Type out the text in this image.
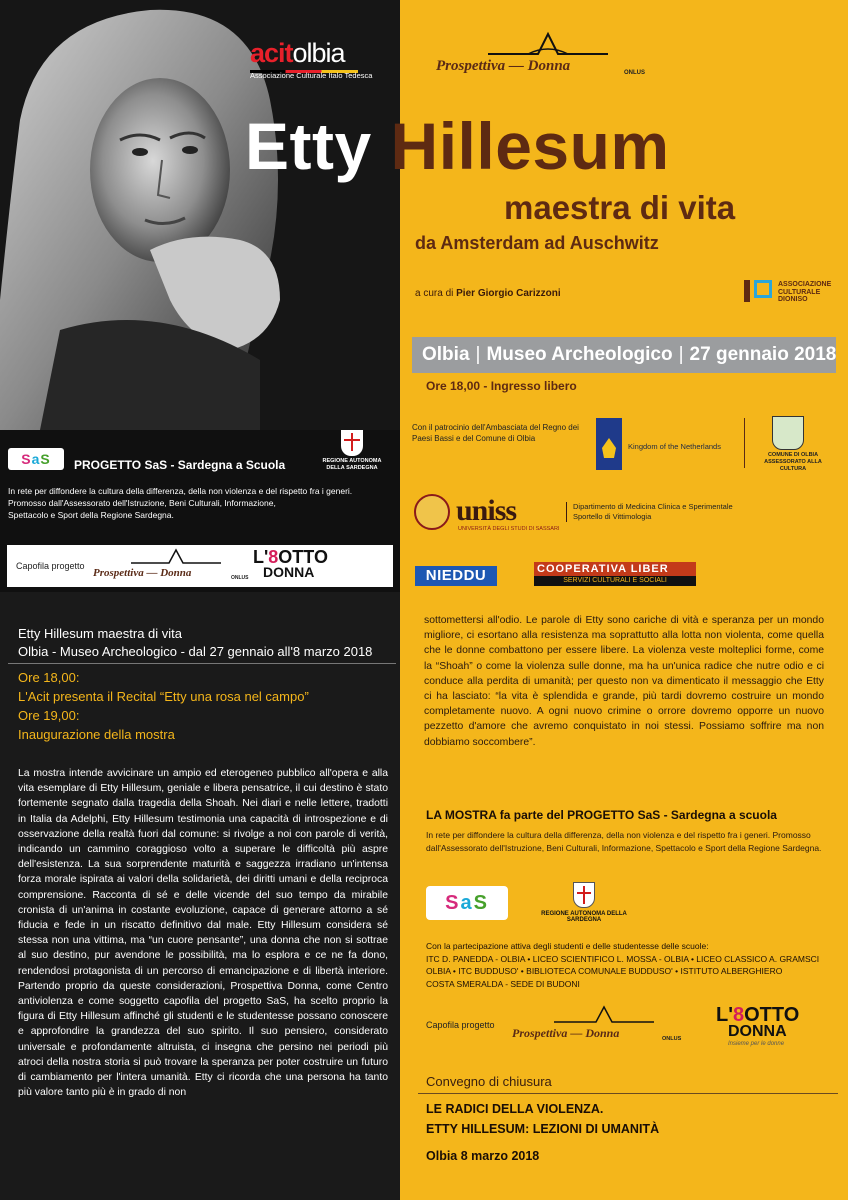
acitolbia
Associazione Culturale Italo Tedesca
Prospettiva — Donna	ONLUS
Etty Hillesum
maestra di vita
da Amsterdam ad Auschwitz
a cura di Pier Giorgio Carizzoni
ASSOCIAZIONE
CULTURALE
DIONISO
Olbia | Museo Archeologico | 27 gennaio 2018
Ore 18,00 - Ingresso libero
Con il patrocinio dell'Ambasciata del Regno dei Paesi Bassi e del Comune di Olbia
Kingdom of the Netherlands
COMUNE DI OLBIA
ASSESSORATO ALLA CULTURA
uniss
UNIVERSITÀ DEGLI STUDI DI SASSARI
Dipartimento di Medicina Clinica e Sperimentale
Sportello di Vittimologia
NIEDDU	COOPERATIVA LIBER
SERVIZI CULTURALI E SOCIALI
SaS	PROGETTO SaS - Sardegna a Scuola	REGIONE AUTONOMA
DELLA SARDEGNA
In rete per diffondere la cultura della differenza, della non violenza e del rispetto fra i generi.
Promosso dall'Assessorato dell'Istruzione, Beni Culturali, Informazione,
Spettacolo e Sport della Regione Sardegna.
Capofila progetto
Prospettiva — Donna	ONLUS
L'8OTTO
DONNA
Etty Hillesum maestra di vita
Olbia - Museo Archeologico - dal 27 gennaio all'8 marzo 2018
Ore 18,00:
L'Acit presenta il Recital “Etty una rosa nel campo”
Ore 19,00:
Inaugurazione della mostra
La mostra intende avvicinare un ampio ed eterogeneo pubblico all'opera e alla vita esemplare di Etty Hillesum, geniale e libera pensatrice, il cui destino è stato fortemente segnato dalla tragedia della Shoah. Nei diari e nelle lettere, tradotti in Italia da Adelphi, Etty Hillesum testimonia una capacità di introspezione e di osservazione della realtà fuori dal comune: si rivolge a noi con parole di verità, indicando un cammino coraggioso volto a superare le difficoltà più aspre dell'esistenza. La sua sorprendente maturità e saggezza irradiano un'intensa forza morale ispirata ai valori della solidarietà, dei diritti umani e della reciproca comprensione. Racconta di sé e delle vicende del suo tempo da mirabile cronista di un'anima in costante evoluzione, capace di generare attorno a sé fiducia e fede in un riscatto definitivo dal male. Etty Hillesum considera sé stessa non una vittima, ma “un cuore pensante”, una donna che non si sottrae al suo destino, pur avendone le possibilità, ma lo esplora e ce ne fa dono, rendendosi protagonista di un percorso di emancipazione e di libertà interiore. Partendo proprio da queste considerazioni, Prospettiva Donna, come Centro antiviolenza e come soggetto capofila del progetto SaS, ha scelto proprio la figura di Etty Hillesum affinché gli studenti e le studentesse possano conoscere e approfondire la grandezza del suo spirito. Il suo pensiero, considerato universale e profondamente altruista, ci insegna che persino nei periodi più atroci della nostra storia si può trovare la speranza per poter costruire un futuro di cambiamento per l'intera umanità. Etty ci ricorda che una persona ha tanto più valore tanto più è in grado di non
sottomettersi all'odio. Le parole di Etty sono cariche di vità e speranza per un mondo migliore, ci esortano alla resistenza ma soprattutto alla lotta non violenta, come quella che le donne combattono per essere libere. La violenza veste molteplici forme, come la “Shoah” o come la violenza sulle donne, ma ha un'unica radice che nutre odio e ci conduce alla perdita di umanità; per questo non va dimenticato il messaggio che Etty ci ha lasciato: “la vita è splendida e grande, più tardi dovremo costruire un mondo completamente nuovo. A ogni nuovo crimine o orrore dovremo opporre un nuovo pezzetto d'amore che avremo conquistato in noi stessi. Possiamo soffrire ma non dobbiamo soccombere”.
LA MOSTRA fa parte del PROGETTO SaS - Sardegna a scuola
In rete per diffondere la cultura della differenza, della non violenza e del rispetto fra i generi. Promosso dall'Assessorato dell'Istruzione, Beni Culturali, Informazione, Spettacolo e Sport della Regione Sardegna.
SaS	REGIONE AUTONOMA DELLA SARDEGNA
Con la partecipazione attiva degli studenti e delle studentesse delle scuole:
ITC D. PANEDDA - OLBIA • LICEO SCIENTIFICO L. MOSSA - OLBIA • LICEO CLASSICO A. GRAMSCI
OLBIA • ITC BUDDUSO' • BIBLIOTECA COMUNALE BUDDUSO' • ISTITUTO ALBERGHIERO
COSTA SMERALDA - SEDE DI BUDONI
Capofila progetto
Prospettiva — Donna	ONLUS
L'8OTTO
DONNA
Insieme per le donne
Convegno di chiusura
LE RADICI DELLA VIOLENZA.
ETTY HILLESUM: LEZIONI DI UMANITÀ
Olbia 8 marzo 2018
